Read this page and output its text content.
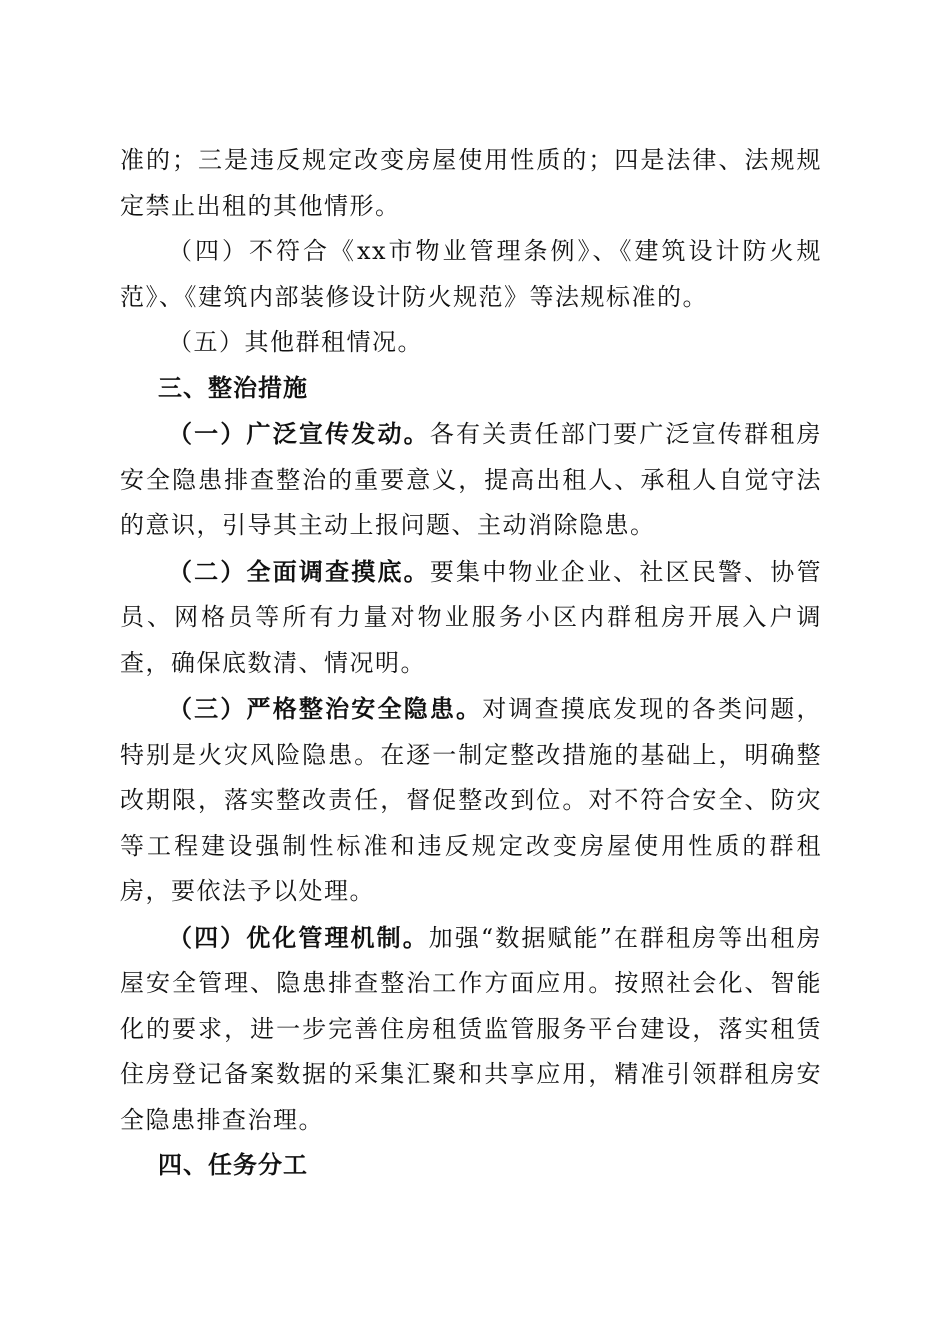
准的；三是违反规定改变房屋使用性质的；四是法律、法规规定禁止出租的其他情形。

（四）不符合《xx市物业管理条例》、《建筑设计防火规范》、《建筑内部装修设计防火规范》等法规标准的。

（五）其他群租情况。

三、整治措施

（一）广泛宣传发动。各有关责任部门要广泛宣传群租房安全隐患排查整治的重要意义，提高出租人、承租人自觉守法的意识，引导其主动上报问题、主动消除隐患。

（二）全面调查摸底。要集中物业企业、社区民警、协管员、网格员等所有力量对物业服务小区内群租房开展入户调查，确保底数清、情况明。

（三）严格整治安全隐患。对调查摸底发现的各类问题，特别是火灾风险隐患。在逐一制定整改措施的基础上，明确整改期限，落实整改责任，督促整改到位。对不符合安全、防灾等工程建设强制性标准和违反规定改变房屋使用性质的群租房，要依法予以处理。

（四）优化管理机制。加强“数据赋能”在群租房等出租房屋安全管理、隐患排查整治工作方面应用。按照社会化、智能化的要求，进一步完善住房租赁监管服务平台建设，落实租赁住房登记备案数据的采集汇聚和共享应用，精准引领群租房安全隐患排查治理。

四、任务分工
